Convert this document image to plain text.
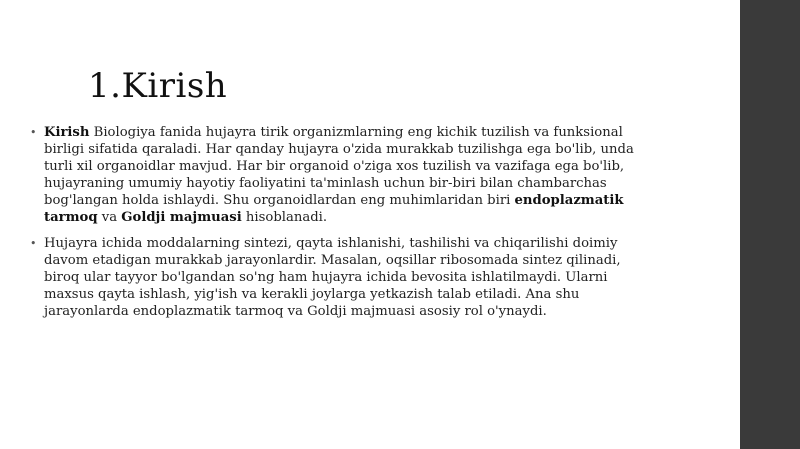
1.Kirish

• Kirish Biologiya fanida hujayra tirik organizmlarning eng kichik tuzilish va funksional birligi sifatida qaraladi. Har qanday hujayra o'zida murakkab tuzilishga ega bo'lib, unda turli xil organoidlar mavjud. Har bir organoid o'ziga xos tuzilish va vazifaga ega bo'lib, hujayraning umumiy hayotiy faoliyatini ta'minlash uchun bir-biri bilan chambarchas bog'langan holda ishlaydi. Shu organoidlardan eng muhimlaridan biri endoplazmatik tarmoq va Goldji majmuasi hisoblanadi.

• Hujayra ichida moddalarning sintezi, qayta ishlanishi, tashilishi va chiqarilishi doimiy davom etadigan murakkab jarayonlardir. Masalan, oqsillar ribosomada sintez qilinadi, biroq ular tayyor bo'lgandan so'ng ham hujayra ichida bevosita ishlatilmaydi. Ularni maxsus qayta ishlash, yig'ish va kerakli joylarga yetkazish talab etiladi. Ana shu jarayonlarda endoplazmatik tarmoq va Goldji majmuasi asosiy rol o'ynaydi.
